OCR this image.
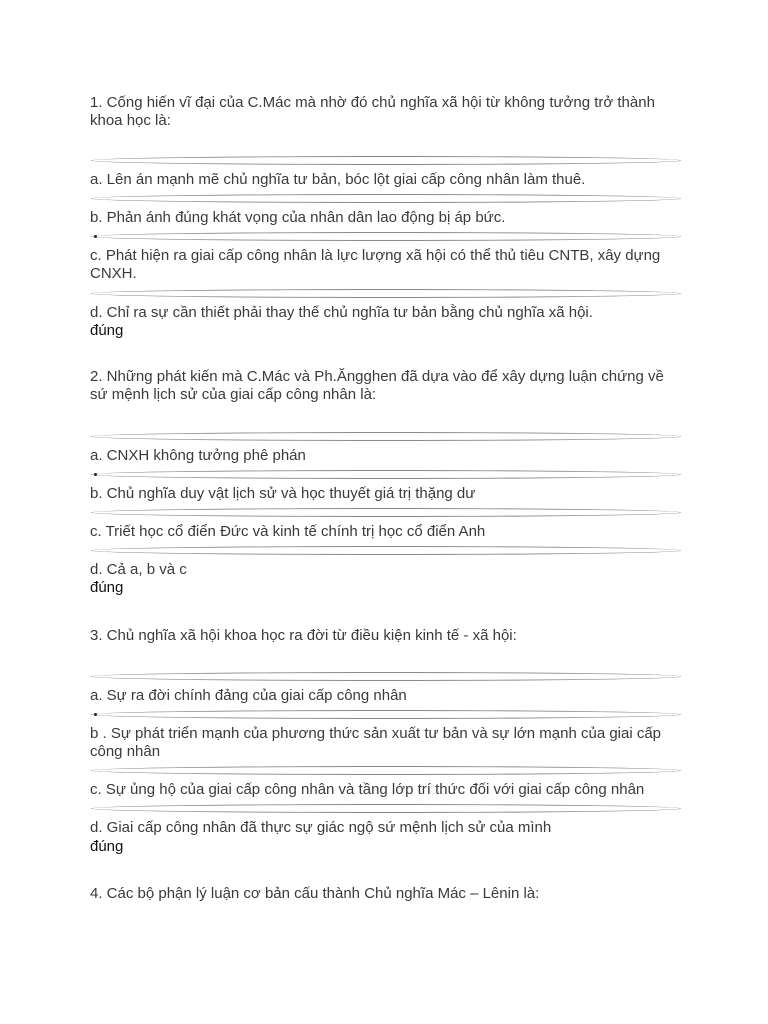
1. Cống hiến vĩ đại của C.Mác mà nhờ đó chủ nghĩa xã hội từ không tưởng trở thành khoa học là:

a. Lên án mạnh mẽ chủ nghĩa tư bản, bóc lột giai cấp công nhân làm thuê.

b. Phản ánh đúng khát vọng của nhân dân lao động bị áp bức.

c. Phát hiện ra giai cấp công nhân là lực lượng xã hội có thể thủ tiêu CNTB, xây dựng CNXH.

d. Chỉ ra sự cần thiết phải thay thế chủ nghĩa tư bản bằng chủ nghĩa xã hội.

đúng

2. Những phát kiến mà C.Mác và Ph.Ăngghen đã dựa vào để xây dựng luận chứng về sứ mệnh lịch sử của giai cấp công nhân là:

a. CNXH không tưởng phê phán

b. Chủ nghĩa duy vật lịch sử và học thuyết giá trị thặng dư

c. Triết học cổ điển Đức và kinh tế chính trị học cổ điển Anh

d. Cả a, b và c

đúng

3. Chủ nghĩa xã hội khoa học ra đời từ điều kiện kinh tế - xã hội:

a. Sự ra đời chính đảng của giai cấp công nhân

b . Sự phát triển mạnh của phương thức sản xuất tư bản và sự lớn mạnh của giai cấp công nhân

c. Sự ủng hộ của giai cấp công nhân và tầng lớp trí thức đối với giai cấp công nhân

d. Giai cấp công nhân đã thực sự giác ngộ sứ mệnh lịch sử của mình

đúng

4. Các bộ phận lý luận cơ bản cấu thành Chủ nghĩa Mác – Lênin là:
